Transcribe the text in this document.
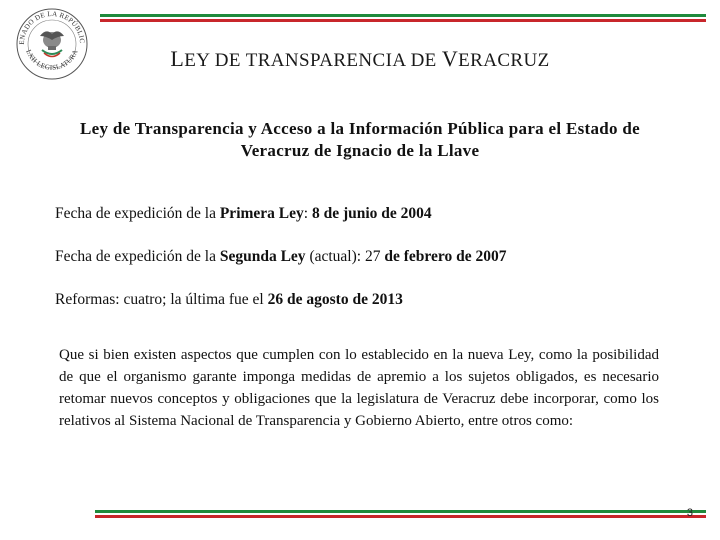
ENADO DE LA REPÚBLIC
LXII LEGISLATURA	LEY DE TRANSPARENCIA DE VERACRUZ
Ley de Transparencia y Acceso a la Información Pública para el Estado de
Veracruz de Ignacio de la Llave
Fecha de expedición de la Primera Ley: 8 de junio de 2004
Fecha de expedición de la Segunda Ley (actual): 27 de febrero de 2007
Reformas: cuatro; la última fue el 26 de agosto de 2013
Que si bien existen aspectos que cumplen con lo establecido en la nueva Ley, como la posibilidad de que el organismo garante imponga medidas de apremio a los sujetos obligados, es necesario retomar nuevos conceptos y obligaciones que la legislatura de Veracruz debe incorporar, como los relativos al Sistema Nacional de Transparencia y Gobierno Abierto, entre otros como:
3
